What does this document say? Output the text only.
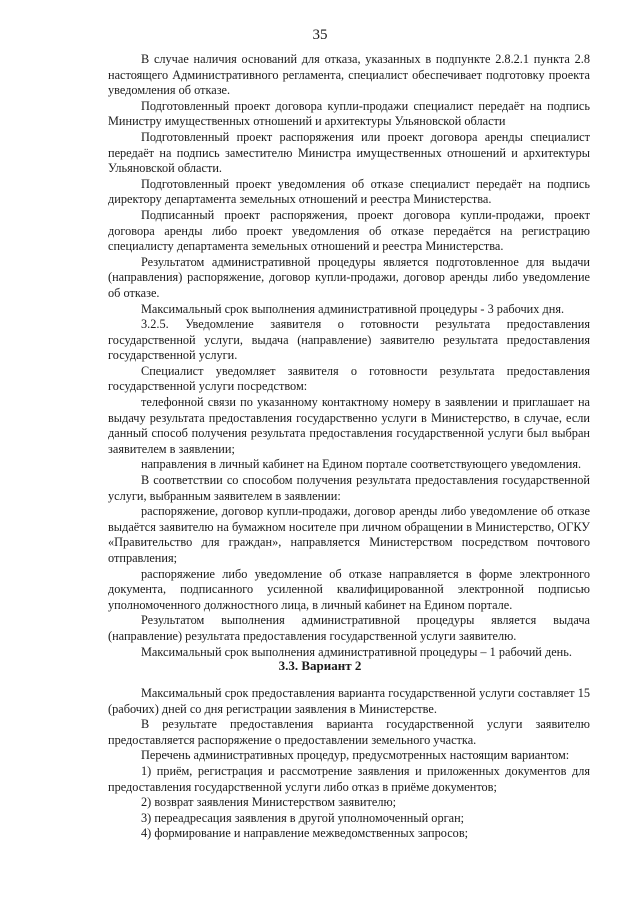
35

В случае наличия оснований для отказа, указанных в подпункте 2.8.2.1 пункта 2.8 настоящего Административного регламента, специалист обеспечивает подготовку проекта уведомления об отказе.

Подготовленный проект договора купли-продажи специалист передаёт на подпись Министру имущественных отношений и архитектуры Ульяновской области

Подготовленный проект распоряжения или проект договора аренды специалист передаёт на подпись заместителю Министра имущественных отношений и архитектуры Ульяновской области.

Подготовленный проект уведомления об отказе специалист передаёт на подпись директору департамента земельных отношений и реестра Министерства.

Подписанный проект распоряжения, проект договора купли-продажи, проект договора аренды либо проект уведомления об отказе передаётся на регистрацию специалисту департамента земельных отношений и реестра Министерства.

Результатом административной процедуры является подготовленное для выдачи (направления) распоряжение, договор купли-продажи, договор аренды либо уведомление об отказе.

Максимальный срок выполнения административной процедуры - 3 рабочих дня.

3.2.5. Уведомление заявителя о готовности результата предоставления государственной услуги, выдача (направление) заявителю результата предоставления государственной услуги.

Специалист уведомляет заявителя о готовности результата предоставления государственной услуги посредством:

телефонной связи по указанному контактному номеру в заявлении и приглашает на выдачу результата предоставления государственно услуги в Министерство, в случае, если данный способ получения результата предоставления государственной услуги был выбран заявителем в заявлении;

направления в личный кабинет на Едином портале соответствующего уведомления.

В соответствии со способом получения результата предоставления государственной услуги, выбранным заявителем в заявлении:

распоряжение, договор купли-продажи, договор аренды либо уведомление об отказе выдаётся заявителю на бумажном носителе при личном обращении в Министерство, ОГКУ «Правительство для граждан», направляется Министерством посредством почтового отправления;

распоряжение либо уведомление об отказе направляется в форме электронного документа, подписанного усиленной квалифицированной электронной подписью уполномоченного должностного лица, в личный кабинет на Едином портале.

Результатом выполнения административной процедуры является выдача (направление) результата предоставления государственной услуги заявителю.

Максимальный срок выполнения административной процедуры – 1 рабочий день.

3.3. Вариант 2

Максимальный срок предоставления варианта государственной услуги составляет 15 (рабочих) дней со дня регистрации заявления в Министерстве.

В результате предоставления варианта государственной услуги заявителю предоставляется распоряжение о предоставлении земельного участка.

Перечень административных процедур, предусмотренных настоящим вариантом:

1) приём, регистрация и рассмотрение заявления и приложенных документов для предоставления государственной услуги либо отказ в приёме документов;

2) возврат заявления Министерством заявителю;

3) переадресация заявления в другой уполномоченный орган;

4) формирование и направление межведомственных запросов;
